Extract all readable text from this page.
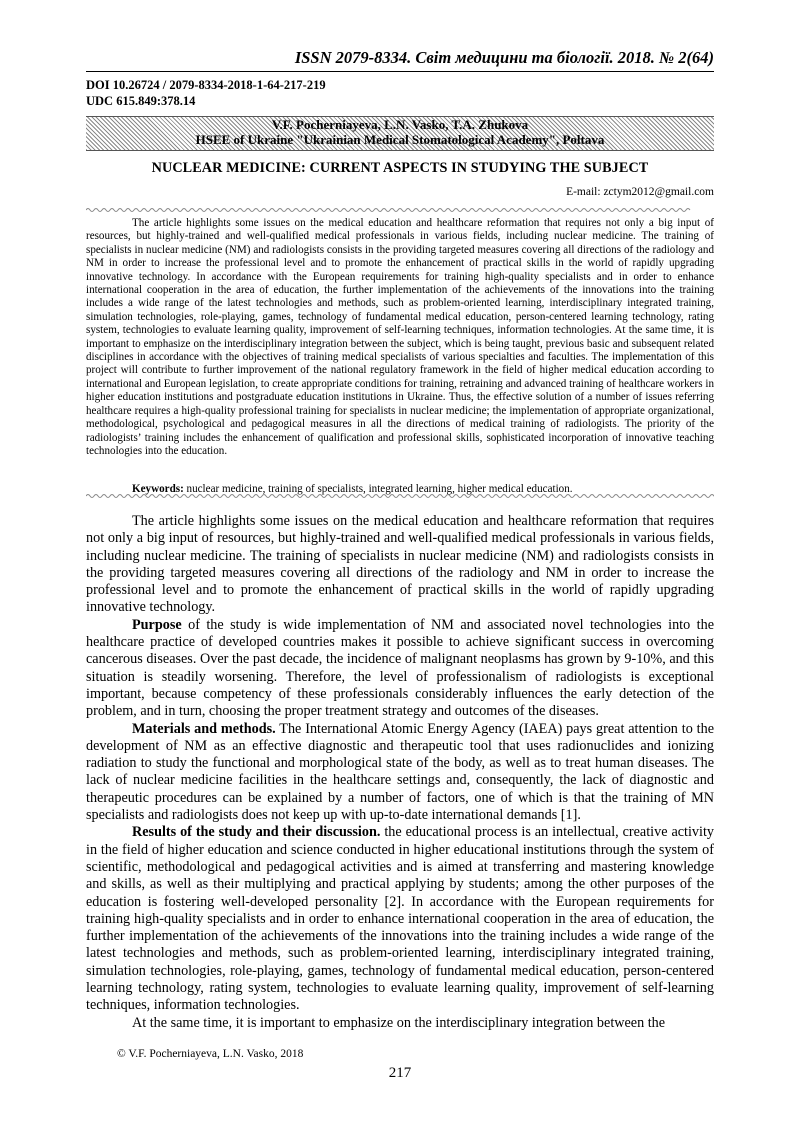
ISSN 2079-8334. Світ медицини та біології. 2018. № 2(64)
DOI 10.26724 / 2079-8334-2018-1-64-217-219
UDC 615.849:378.14
V.F. Pocherniayeva, L.N. Vasko, T.A. Zhukova
HSEE of Ukraine "Ukrainian Medical Stomatological Academy", Poltava
NUCLEAR MEDICINE: CURRENT ASPECTS IN STUDYING THE SUBJECT
E-mail: zctym2012@gmail.com

The article highlights some issues on the medical education and healthcare reformation that requires not only a big input of resources, but highly-trained and well-qualified medical professionals in various fields, including nuclear medicine. The training of specialists in nuclear medicine (NM) and radiologists consists in the providing targeted measures covering all directions of the radiology and NM in order to increase the professional level and to promote the enhancement of practical skills in the world of rapidly upgrading innovative technology. In accordance with the European requirements for training high-quality specialists and in order to enhance international cooperation in the area of education, the further implementation of the achievements of the innovations into the training includes a wide range of the latest technologies and methods, such as problem-oriented learning, interdisciplinary integrated training, simulation technologies, role-playing, games, technology of fundamental medical education, person-centered learning technology, rating system, technologies to evaluate learning quality, improvement of self-learning techniques, information technologies. At the same time, it is important to emphasize on the interdisciplinary integration between the subject, which is being taught, previous basic and subsequent related disciplines in accordance with the objectives of training medical specialists of various specialties and faculties. The implementation of this project will contribute to further improvement of the national regulatory framework in the field of higher medical education according to international and European legislation, to create appropriate conditions for training, retraining and advanced training of healthcare workers in higher education institutions and postgraduate education institutions in Ukraine. Thus, the effective solution of a number of issues referring healthcare requires a high-quality professional training for specialists in nuclear medicine; the implementation of appropriate organizational, methodological, psychological and pedagogical measures in all the directions of medical training of radiologists. The priority of the radiologists’ training includes the enhancement of qualification and professional skills, sophisticated incorporation of innovative teaching technologies into the education.

Keywords: nuclear medicine, training of specialists, integrated learning, higher medical education.

The article highlights some issues on the medical education and healthcare reformation that requires not only a big input of resources, but highly-trained and well-qualified medical professionals in various fields, including nuclear medicine. The training of specialists in nuclear medicine (NM) and radiologists consists in the providing targeted measures covering all directions of the radiology and NM in order to increase the professional level and to promote the enhancement of practical skills in the world of rapidly upgrading innovative technology.

Purpose of the study is wide implementation of NM and associated novel technologies into the healthcare practice of developed countries makes it possible to achieve significant success in overcoming cancerous diseases. Over the past decade, the incidence of malignant neoplasms has grown by 9-10%, and this situation is steadily worsening. Therefore, the level of professionalism of radiologists is exceptional important, because competency of these professionals considerably influences the early detection of the problem, and in turn, choosing the proper treatment strategy and outcomes of the diseases.

Materials and methods. The International Atomic Energy Agency (IAEA) pays great attention to the development of NM as an effective diagnostic and therapeutic tool that uses radionuclides and ionizing radiation to study the functional and morphological state of the body, as well as to treat human diseases. The lack of nuclear medicine facilities in the healthcare settings and, consequently, the lack of diagnostic and therapeutic procedures can be explained by a number of factors, one of which is that the training of MN specialists and radiologists does not keep up with up-to-date international demands [1].

Results of the study and their discussion. the educational process is an intellectual, creative activity in the field of higher education and science conducted in higher educational institutions through the system of scientific, methodological and pedagogical activities and is aimed at transferring and mastering knowledge and skills, as well as their multiplying and practical applying by students; among the other purposes of the education is fostering well-developed personality [2]. In accordance with the European requirements for training high-quality specialists and in order to enhance international cooperation in the area of education, the further implementation of the achievements of the innovations into the training includes a wide range of the latest technologies and methods, such as problem-oriented learning, interdisciplinary integrated training, simulation technologies, role-playing, games, technology of fundamental medical education, person-centered learning technology, rating system, technologies to evaluate learning quality, improvement of self-learning techniques, information technologies.

At the same time, it is important to emphasize on the interdisciplinary integration between the

© V.F. Pocherniayeva, L.N. Vasko, 2018
217
